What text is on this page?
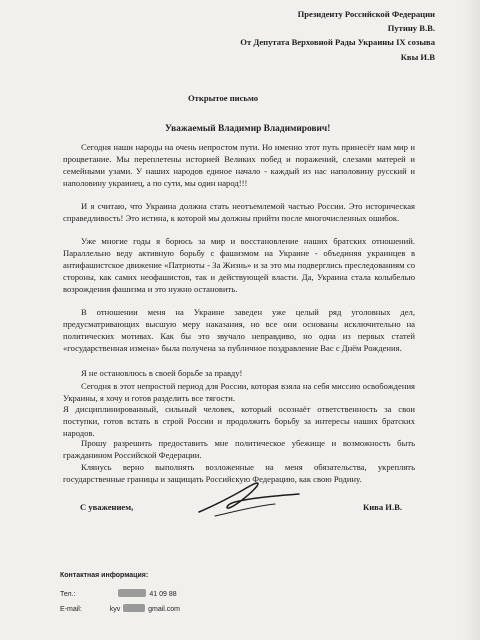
Президенту Российской Федерации

Путину В.В.

От Депутата Верховной Рады Украины IX созыва

Квы И.В

Открытое письмо

Уважаемый Владимир Владимирович!

Сегодня наши народы на очень непростом пути. Но именно этот путь принесёт нам мир и процветание. Мы переплетены историей Великих побед и поражений, слезами матерей и семейными узами. У наших народов единое начало - каждый из нас наполовину русский и наполовину украинец, а по сути, мы один народ!!!

И я считаю, что Украина должна стать неотъемлемой частью России. Это историческая справедливость! Это истина, к которой мы должны прийти после многочисленных ошибок.

Уже многие годы я борюсь за мир и восстановление наших братских отношений. Параллельно веду активную борьбу с фашизмом на Украине - объединяя украинцев в антифашистское движение «Патриоты - За Жизнь» и за это мы подверглись преследованиям со стороны, как самих неофашистов, так и действующей власти. Да, Украина стала колыбелью возрождения фашизма и это нужно остановить.

В отношении меня на Украине заведен уже целый ряд уголовных дел, предусматривающих высшую меру наказания, но все они основаны исключительно на политических мотивах. Как бы это звучало неправдиво, но одна из первых статей «государственная измена» была получена за публичное поздравление Вас с Днём Рождения.

Я не остановлюсь в своей борьбе за правду!

Сегодня в этот непростой период для России, которая взяла на себя миссию освобождения Украины, я хочу и готов разделить все тягости.

Я дисциплинированный, сильный человек, который осознаёт ответственность за свои поступки, готов встать в строй России и продолжить борьбу за интересы наших братских народов.

Прошу разрешить предоставить мне политическое убежище и возможность быть гражданином Российской Федерации.

Клянусь верно выполнять возложенные на меня обязательства, укреплять государственные границы и защищать Российскую Федерацию, как свою Родину.

С уважением,	Кива И.В.

Контактная информация:

Тел.:	41 09 88

E-mail:	kyv	gmail.com
